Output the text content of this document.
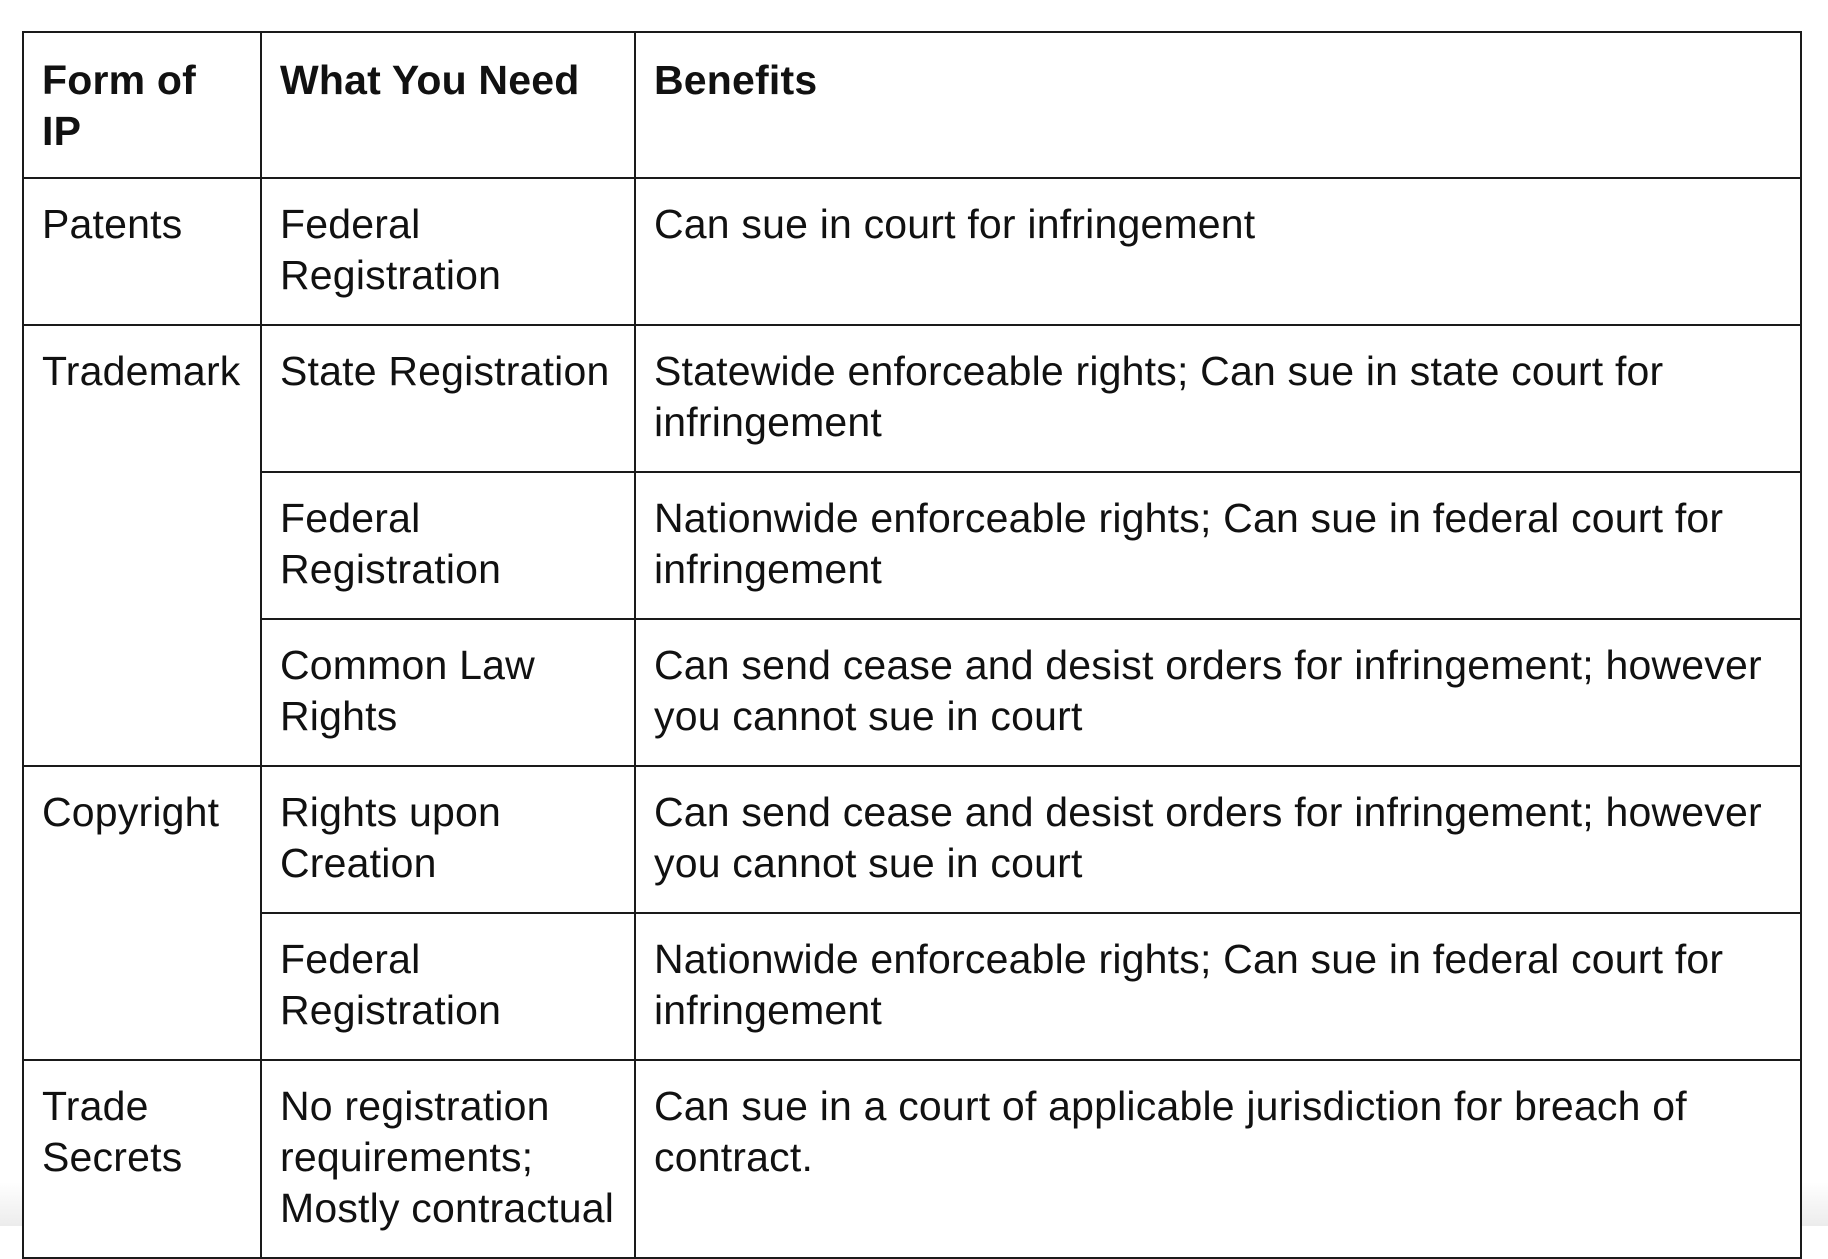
Form of IP	What You Need	Benefits
Patents	Federal Registration	Can sue in court for infringement
Trademark	State Registration	Statewide enforceable rights; Can sue in state court for infringement
	Federal Registration	Nationwide enforceable rights; Can sue in federal court for infringement
	Common Law Rights	Can send cease and desist orders for infringement; however you cannot sue in court
Copyright	Rights upon Creation	Can send cease and desist orders for infringement; however you cannot sue in court
	Federal Registration	Nationwide enforceable rights; Can sue in federal court for infringement
Trade Secrets	No registration requirements; Mostly contractual	Can sue in a court of applicable jurisdiction for breach of contract.
